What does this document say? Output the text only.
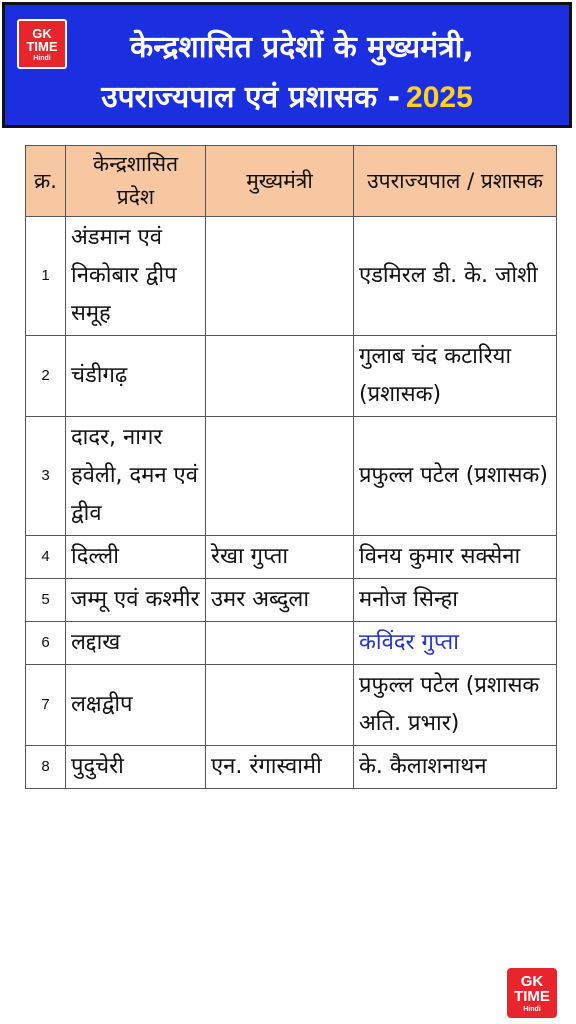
GK
TIME
Hindi	केन्द्रशासित प्रदेशों के मुख्यमंत्री,
उपराज्यपाल एवं प्रशासक - 2025
क्र.	केन्द्रशासित प्रदेश	मुख्यमंत्री	उपराज्यपाल / प्रशासक
1	अंडमान एवं निकोबार द्वीप समूह		एडमिरल डी. के. जोशी
2	चंडीगढ़		गुलाब चंद कटारिया (प्रशासक)
3	दादर, नागर हवेली, दमन एवं द्वीव		प्रफुल्ल पटेल (प्रशासक)
4	दिल्ली	रेखा गुप्ता	विनय कुमार सक्सेना
5	जम्मू एवं कश्मीर	उमर अब्दुला	मनोज सिन्हा
6	लद्दाख		कविंदर गुप्ता
7	लक्षद्वीप		प्रफुल्ल पटेल (प्रशासक अति. प्रभार)
8	पुदुचेरी	एन. रंगास्वामी	के. कैलाशनाथन
GK
TIME
Hindi
